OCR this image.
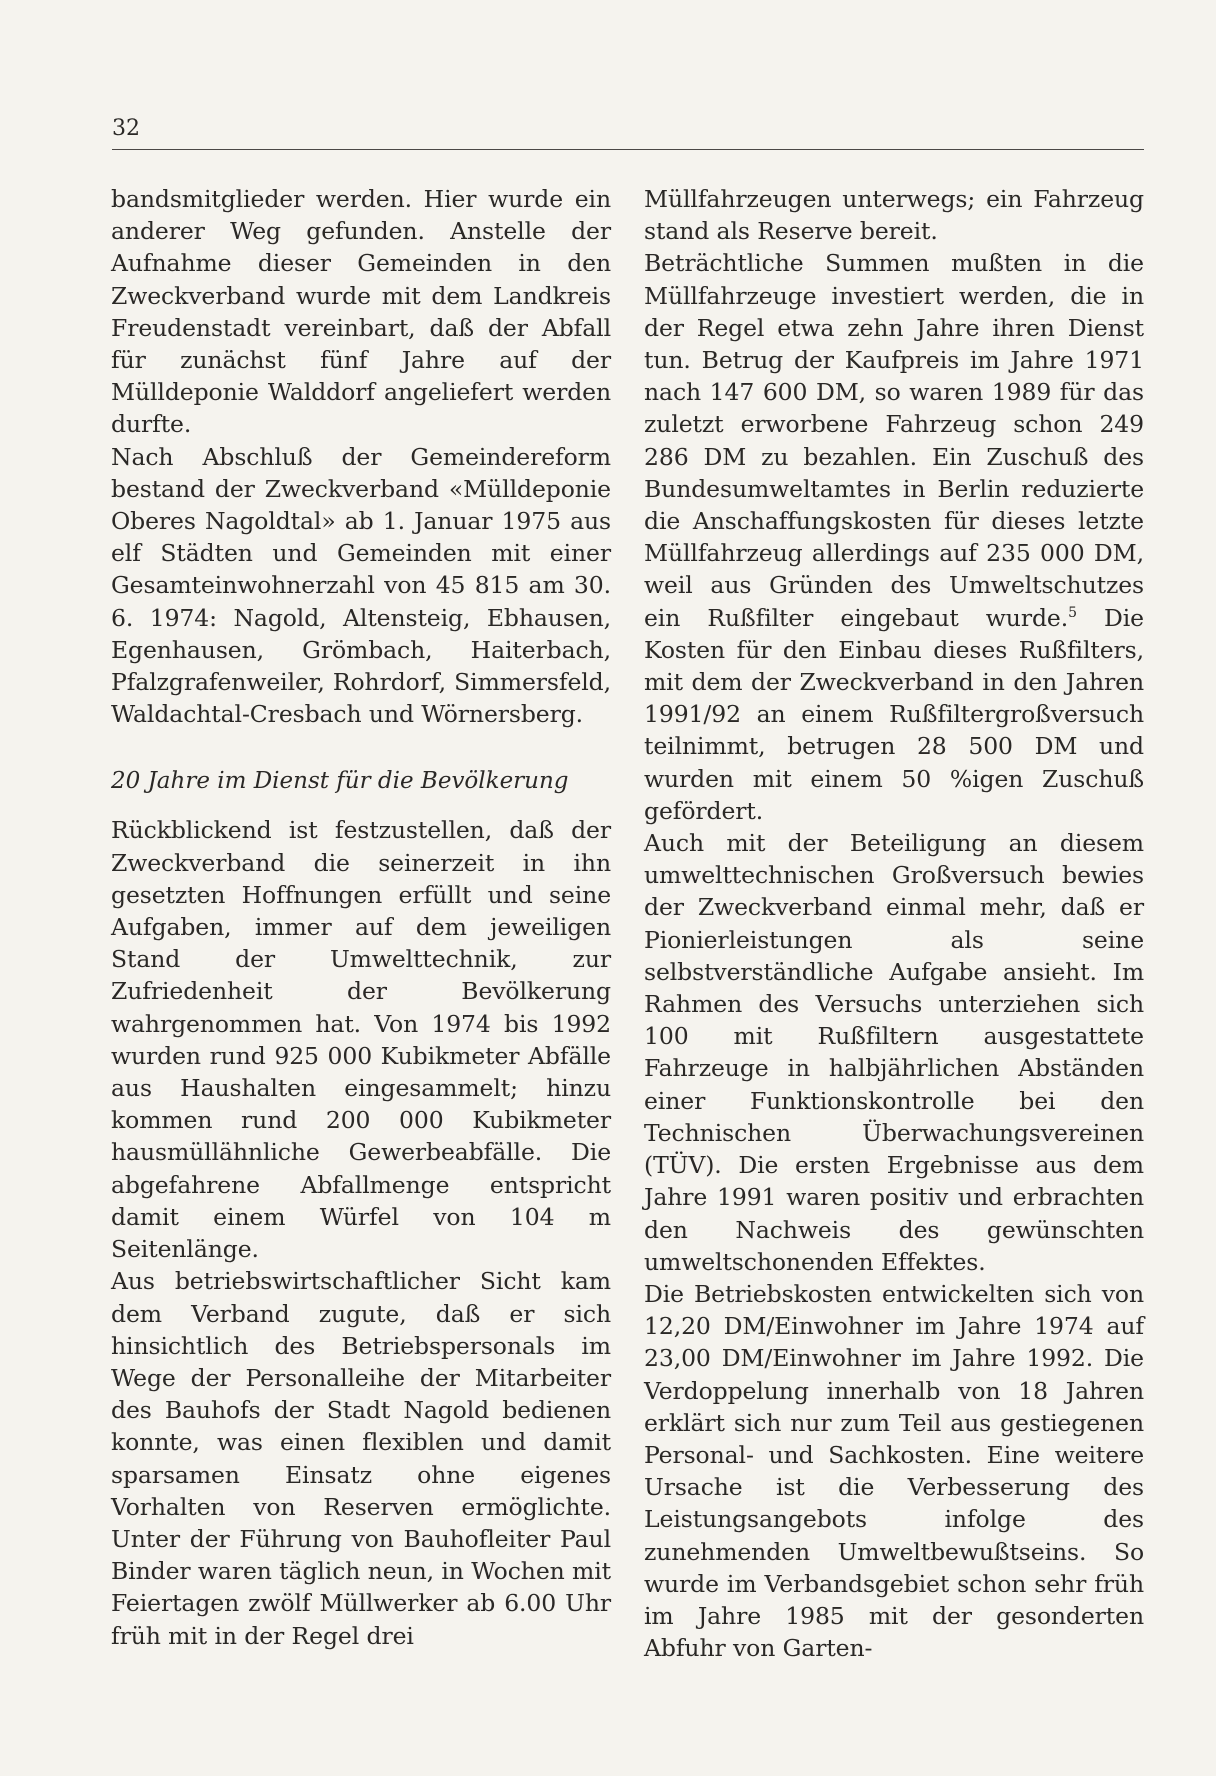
32

bandsmitglieder werden. Hier wurde ein anderer Weg gefunden. Anstelle der Aufnahme dieser Gemeinden in den Zweckverband wurde mit dem Landkreis Freudenstadt vereinbart, daß der Abfall für zunächst fünf Jahre auf der Mülldeponie Walddorf angeliefert werden durfte.

Nach Abschluß der Gemeindereform bestand der Zweckverband «Mülldeponie Oberes Nagoldtal» ab 1. Januar 1975 aus elf Städten und Gemeinden mit einer Gesamteinwohnerzahl von 45 815 am 30. 6. 1974: Nagold, Altensteig, Ebhausen, Egenhausen, Grömbach, Haiterbach, Pfalzgrafenweiler, Rohrdorf, Simmersfeld, Waldachtal-Cresbach und Wörnersberg.

20 Jahre im Dienst für die Bevölkerung

Rückblickend ist festzustellen, daß der Zweckverband die seinerzeit in ihn gesetzten Hoffnungen erfüllt und seine Aufgaben, immer auf dem jeweiligen Stand der Umwelttechnik, zur Zufriedenheit der Bevölkerung wahrgenommen hat. Von 1974 bis 1992 wurden rund 925 000 Kubikmeter Abfälle aus Haushalten eingesammelt; hinzu kommen rund 200 000 Kubikmeter hausmüllähnliche Gewerbeabfälle. Die abgefahrene Abfallmenge entspricht damit einem Würfel von 104 m Seitenlänge.

Aus betriebswirtschaftlicher Sicht kam dem Verband zugute, daß er sich hinsichtlich des Betriebspersonals im Wege der Personalleihe der Mitarbeiter des Bauhofs der Stadt Nagold bedienen konnte, was einen flexiblen und damit sparsamen Einsatz ohne eigenes Vorhalten von Reserven ermöglichte. Unter der Führung von Bauhofleiter Paul Binder waren täglich neun, in Wochen mit Feiertagen zwölf Müllwerker ab 6.00 Uhr früh mit in der Regel drei

Müllfahrzeugen unterwegs; ein Fahrzeug stand als Reserve bereit.

Beträchtliche Summen mußten in die Müllfahrzeuge investiert werden, die in der Regel etwa zehn Jahre ihren Dienst tun. Betrug der Kaufpreis im Jahre 1971 nach 147 600 DM, so waren 1989 für das zuletzt erworbene Fahrzeug schon 249 286 DM zu bezahlen. Ein Zuschuß des Bundesumweltamtes in Berlin reduzierte die Anschaffungskosten für dieses letzte Müllfahrzeug allerdings auf 235 000 DM, weil aus Gründen des Umweltschutzes ein Rußfilter eingebaut wurde.$^5$ Die Kosten für den Einbau dieses Rußfilters, mit dem der Zweckverband in den Jahren 1991/92 an einem Rußfiltergroßversuch teilnimmt, betrugen 28 500 DM und wurden mit einem 50 %igen Zuschuß gefördert.

Auch mit der Beteiligung an diesem umwelttechnischen Großversuch bewies der Zweckverband einmal mehr, daß er Pionierleistungen als seine selbstverständliche Aufgabe ansieht. Im Rahmen des Versuchs unterziehen sich 100 mit Rußfiltern ausgestattete Fahrzeuge in halbjährlichen Abständen einer Funktionskontrolle bei den Technischen Überwachungsvereinen (TÜV). Die ersten Ergebnisse aus dem Jahre 1991 waren positiv und erbrachten den Nachweis des gewünschten umweltschonenden Effektes.

Die Betriebskosten entwickelten sich von 12,20 DM/Einwohner im Jahre 1974 auf 23,00 DM/Einwohner im Jahre 1992. Die Verdoppelung innerhalb von 18 Jahren erklärt sich nur zum Teil aus gestiegenen Personal- und Sachkosten. Eine weitere Ursache ist die Verbesserung des Leistungsangebots infolge des zunehmenden Umweltbewußtseins. So wurde im Verbandsgebiet schon sehr früh im Jahre 1985 mit der gesonderten Abfuhr von Garten-
